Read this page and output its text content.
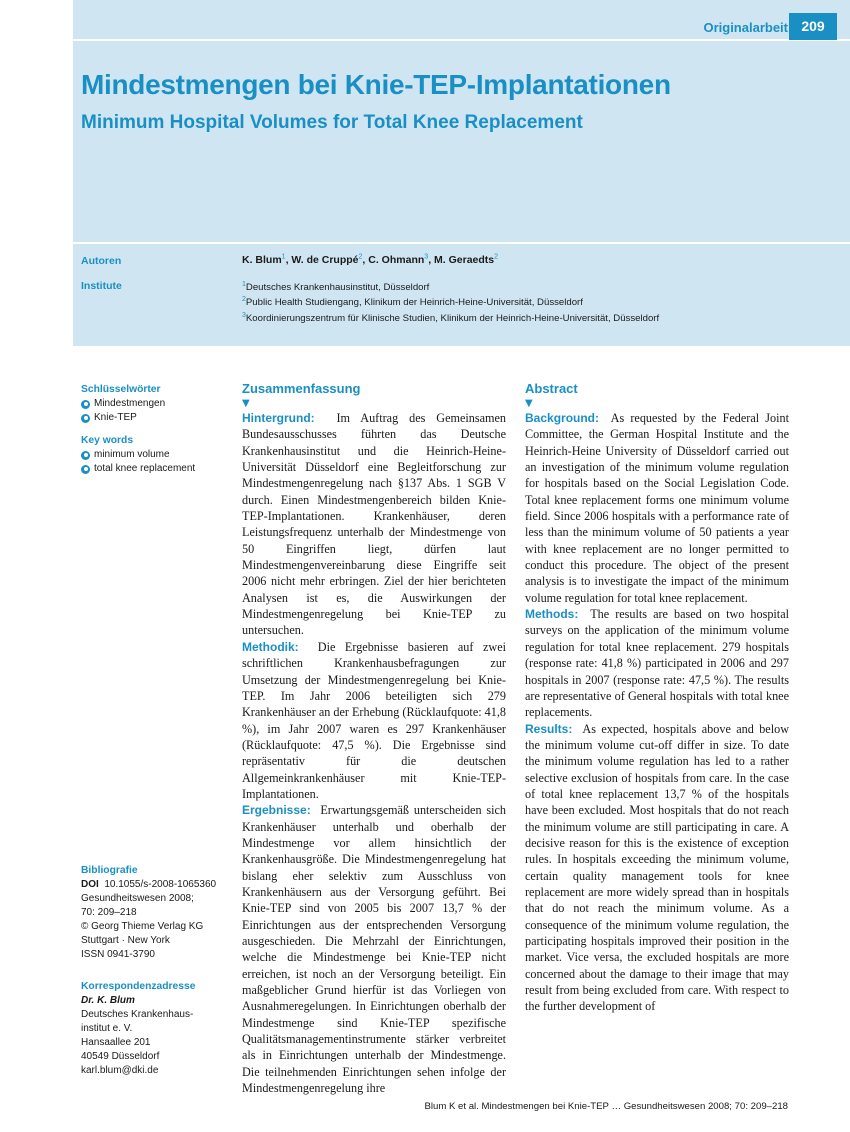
Originalarbeit 209
Mindestmengen bei Knie-TEP-Implantationen
Minimum Hospital Volumes for Total Knee Replacement
Autoren
Institute
K. Blum$^1$, W. de Cruppé$^2$, C. Ohmann$^3$, M. Geraedts$^2$
$^1$Deutsches Krankenhausinstitut, Düsseldorf
$^2$Public Health Studiengang, Klinikum der Heinrich-Heine-Universität, Düsseldorf
$^3$Koordinierungszentrum für Klinische Studien, Klinikum der Heinrich-Heine-Universität, Düsseldorf
Schlüsselwörter
Mindestmengen
Knie-TEP
Key words
minimum volume
total knee replacement
Bibliografie
DOI 10.1055/s-2008-1065360
Gesundheitswesen 2008;
70: 209–218
© Georg Thieme Verlag KG
Stuttgart · New York
ISSN 0941-3790
Korrespondenzadresse
Dr. K. Blum
Deutsches Krankenhaus-
institut e. V.
Hansaallee 201
40549 Düsseldorf
karl.blum@dki.de
Zusammenfassung
▼

Hintergrund: Im Auftrag des Gemeinsamen Bundesausschusses führten das Deutsche Krankenhausinstitut und die Heinrich-Heine-Universität Düsseldorf eine Begleitforschung zur Mindestmengenregelung nach §137 Abs. 1 SGB V durch. Einen Mindestmengenbereich bilden Knie-TEP-Implantationen. Krankenhäuser, deren Leistungsfrequenz unterhalb der Mindestmenge von 50 Eingriffen liegt, dürfen laut Mindestmengenvereinbarung diese Eingriffe seit 2006 nicht mehr erbringen. Ziel der hier berichteten Analysen ist es, die Auswirkungen der Mindestmengenregelung bei Knie-TEP zu untersuchen.

Methodik: Die Ergebnisse basieren auf zwei schriftlichen Krankenhausbefragungen zur Umsetzung der Mindestmengenregelung bei Knie-TEP. Im Jahr 2006 beteiligten sich 279 Krankenhäuser an der Erhebung (Rücklaufquote: 41,8 %), im Jahr 2007 waren es 297 Krankenhäuser (Rücklaufquote: 47,5 %). Die Ergebnisse sind repräsentativ für die deutschen Allgemeinkrankenhäuser mit Knie-TEP-Implantationen.

Ergebnisse: Erwartungsgemäß unterscheiden sich Krankenhäuser unterhalb und oberhalb der Mindestmenge vor allem hinsichtlich der Krankenhausgröße. Die Mindestmengenregelung hat bislang eher selektiv zum Ausschluss von Krankenhäusern aus der Versorgung geführt. Bei Knie-TEP sind von 2005 bis 2007 13,7 % der Einrichtungen aus der entsprechenden Versorgung ausgeschieden. Die Mehrzahl der Einrichtungen, welche die Mindestmenge bei Knie-TEP nicht erreichen, ist noch an der Versorgung beteiligt. Ein maßgeblicher Grund hierfür ist das Vorliegen von Ausnahmeregelungen. In Einrichtungen oberhalb der Mindestmenge sind Knie-TEP spezifische Qualitätsmanagementinstrumente stärker verbreitet als in Einrichtungen unterhalb der Mindestmenge. Die teilnehmenden Einrichtungen sehen infolge der Mindestmengenregelung ihre

Abstract
▼

Background: As requested by the Federal Joint Committee, the German Hospital Institute and the Heinrich-Heine University of Düsseldorf carried out an investigation of the minimum volume regulation for hospitals based on the Social Legislation Code. Total knee replacement forms one minimum volume field. Since 2006 hospitals with a performance rate of less than the minimum volume of 50 patients a year with knee replacement are no longer permitted to conduct this procedure. The object of the present analysis is to investigate the impact of the minimum volume regulation for total knee replacement.

Methods: The results are based on two hospital surveys on the application of the minimum volume regulation for total knee replacement. 279 hospitals (response rate: 41,8 %) participated in 2006 and 297 hospitals in 2007 (response rate: 47,5 %). The results are representative of General hospitals with total knee replacements.

Results: As expected, hospitals above and below the minimum volume cut-off differ in size. To date the minimum volume regulation has led to a rather selective exclusion of hospitals from care. In the case of total knee replacement 13,7 % of the hospitals have been excluded. Most hospitals that do not reach the minimum volume are still participating in care. A decisive reason for this is the existence of exception rules. In hospitals exceeding the minimum volume, certain quality management tools for knee replacement are more widely spread than in hospitals that do not reach the minimum volume. As a consequence of the minimum volume regulation, the participating hospitals improved their position in the market. Vice versa, the excluded hospitals are more concerned about the damage to their image that may result from being excluded from care. With respect to the further development of

Blum K et al. Mindestmengen bei Knie-TEP … Gesundheitswesen 2008; 70: 209–218
